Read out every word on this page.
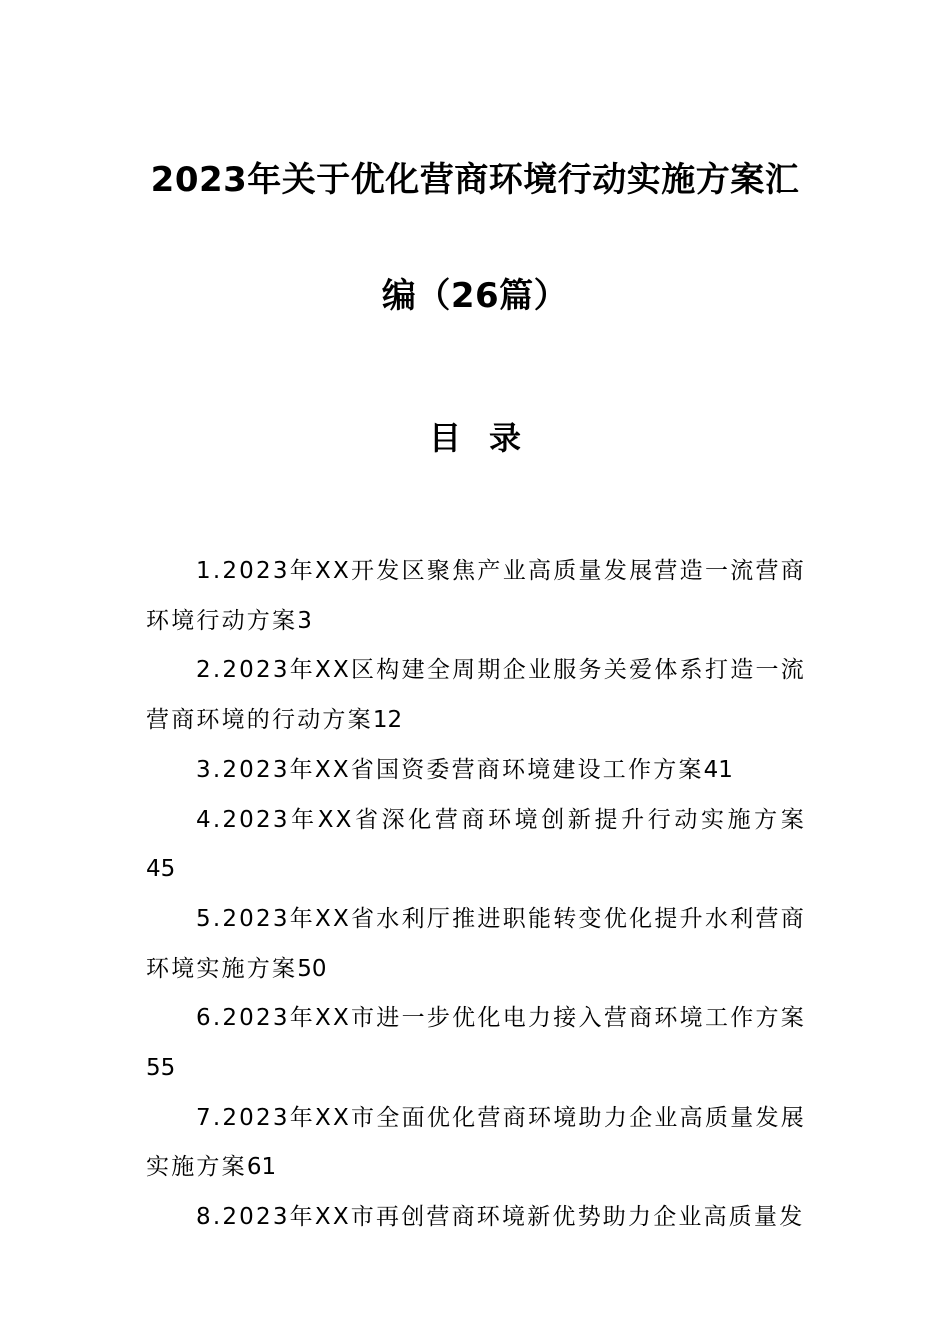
2023年关于优化营商环境行动实施方案汇
编（26篇）
目录

1.2023年XX开发区聚焦产业高质量发展营造一流营商环境行动方案3

2.2023年XX区构建全周期企业服务关爱体系打造一流营商环境的行动方案12

3.2023年XX省国资委营商环境建设工作方案41

4.2023年XX省深化营商环境创新提升行动实施方案45

5.2023年XX省水利厅推进职能转变优化提升水利营商环境实施方案50

6.2023年XX市进一步优化电力接入营商环境工作方案55

7.2023年XX市全面优化营商环境助力企业高质量发展实施方案61

8.2023年XX市再创营商环境新优势助力企业高质量发
